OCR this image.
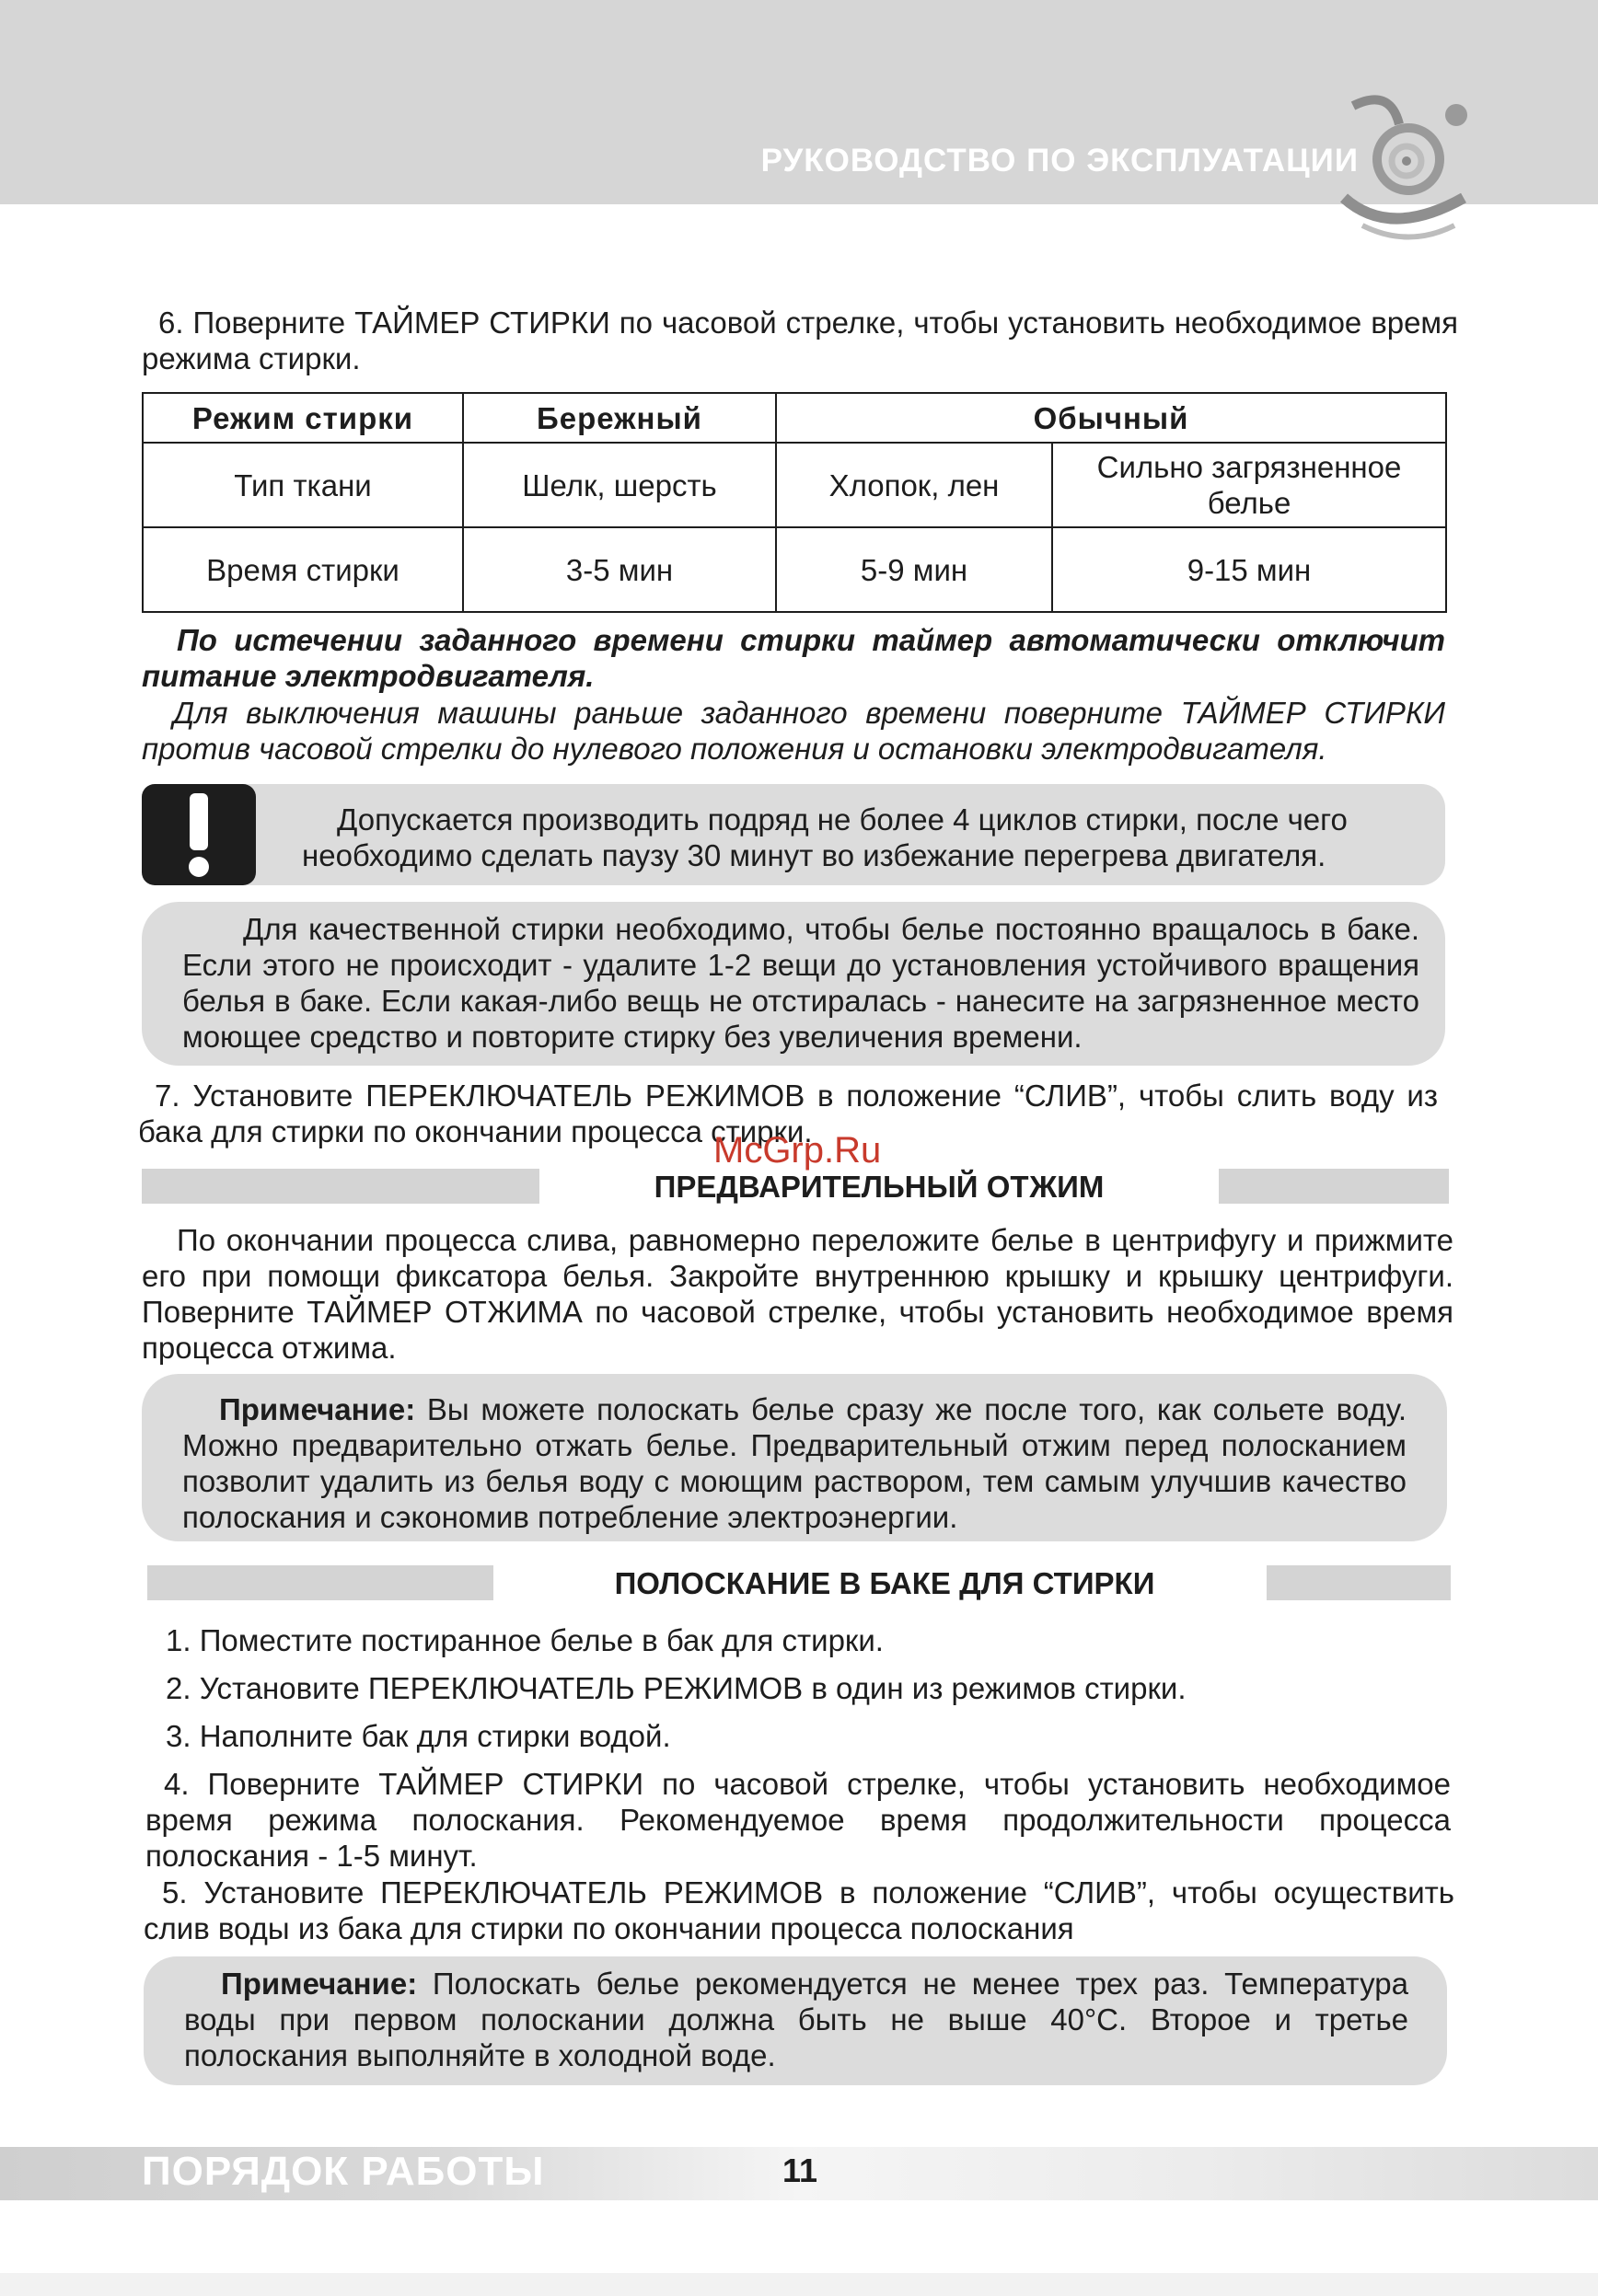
РУКОВОДСТВО ПО ЭКСПЛУАТАЦИИ
6. Поверните ТАЙМЕР СТИРКИ по часовой стрелке, чтобы установить необходимое время режима стирки.
Режим стирки	Бережный	Обычный	
Тип ткани	Шелк, шерсть	Хлопок, лен	Сильно загрязненное белье
Время стирки	3-5 мин	5-9 мин	9-15 мин
По истечении заданного времени стирки таймер автоматически отключит питание электродвигателя.
Для выключения машины раньше заданного времени поверните ТАЙМЕР СТИРКИ против часовой стрелки до нулевого положения и остановки электродвигателя.
Допускается производить подряд не более 4 циклов стирки, после чего необходимо сделать паузу 30 минут во избежание перегрева двигателя.
Для качественной стирки необходимо, чтобы белье постоянно вращалось в баке. Если этого не происходит - удалите 1-2 вещи до установления устойчивого вращения белья в баке. Если какая-либо вещь не отстиралась - нанесите на загрязненное место моющее средство и повторите стирку без увеличения времени.
7. Установите ПЕРЕКЛЮЧАТЕЛЬ РЕЖИМОВ в положение “СЛИВ”, чтобы слить воду из бака для стирки по окончании процесса стирки.
McGrp.Ru
ПРЕДВАРИТЕЛЬНЫЙ ОТЖИМ
По окончании процесса слива, равномерно переложите белье в центрифугу и прижмите его при помощи фиксатора белья. Закройте внутреннюю крышку и крышку центрифуги. Поверните ТАЙМЕР ОТЖИМА по часовой стрелке, чтобы установить необходимое время процесса отжима.
Примечание: Вы можете полоскать белье сразу же после того, как сольете воду. Можно предварительно отжать белье. Предварительный отжим перед полосканием позволит удалить из белья воду с моющим раствором, тем самым улучшив качество полоскания и сэкономив потребление электроэнергии.
ПОЛОСКАНИЕ В БАКЕ ДЛЯ СТИРКИ
1. Поместите постиранное белье в бак для стирки.
2. Установите ПЕРЕКЛЮЧАТЕЛЬ РЕЖИМОВ в один из режимов стирки.
3. Наполните бак для стирки водой.
4. Поверните ТАЙМЕР СТИРКИ по часовой стрелке, чтобы установить необходимое время режима полоскания. Рекомендуемое время продолжительности процесса полоскания - 1-5 минут.
5. Установите ПЕРЕКЛЮЧАТЕЛЬ РЕЖИМОВ в положение “СЛИВ”, чтобы осуществить слив воды из бака для стирки по окончании процесса полоскания
Примечание: Полоскать белье рекомендуется не менее трех раз. Температура воды при первом полоскании должна быть не выше 40°С. Второе и третье полоскания выполняйте в холодной воде.
ПОРЯДОК РАБОТЫ	11
